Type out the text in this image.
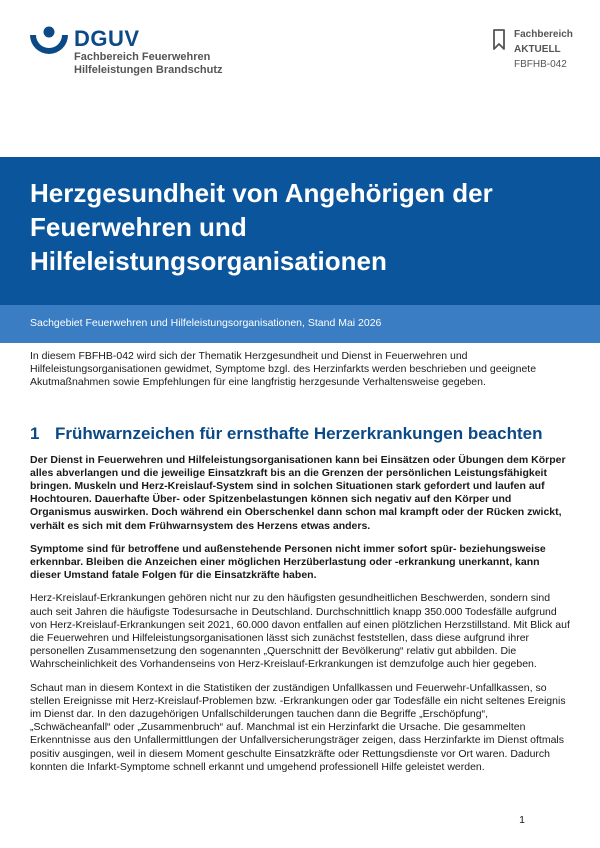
DGUV
Fachbereich Feuerwehren
Hilfeleistungen Brandschutz
Fachbereich
AKTUELL
FBFHB-042
Herzgesundheit von Angehörigen der Feuerwehren und Hilfeleistungsorganisationen
Sachgebiet Feuerwehren und Hilfeleistungsorganisationen, Stand Mai 2026

In diesem FBFHB-042 wird sich der Thematik Herzgesundheit und Dienst in Feuerwehren und Hilfeleistungsorganisationen gewidmet, Symptome bzgl. des Herzinfarkts werden beschrieben und geeignete Akutmaßnahmen sowie Empfehlungen für eine langfristig herzgesunde Verhaltensweise gegeben.

1 Frühwarnzeichen für ernsthafte Herzerkrankungen beachten

Der Dienst in Feuerwehren und Hilfeleistungsorganisationen kann bei Einsätzen oder Übungen dem Körper alles abverlangen und die jeweilige Einsatzkraft bis an die Grenzen der persönlichen Leistungsfähigkeit bringen. Muskeln und Herz-Kreislauf-System sind in solchen Situationen stark gefordert und laufen auf Hochtouren. Dauerhafte Über- oder Spitzenbelastungen können sich negativ auf den Körper und Organismus auswirken. Doch während ein Oberschenkel dann schon mal krampft oder der Rücken zwickt, verhält es sich mit dem Frühwarnsystem des Herzens etwas anders.

Symptome sind für betroffene und außenstehende Personen nicht immer sofort spür- beziehungsweise erkennbar. Bleiben die Anzeichen einer möglichen Herzüberlastung oder -erkrankung unerkannt, kann dieser Umstand fatale Folgen für die Einsatzkräfte haben.

Herz-Kreislauf-Erkrankungen gehören nicht nur zu den häufigsten gesundheitlichen Beschwerden, sondern sind auch seit Jahren die häufigste Todesursache in Deutschland. Durchschnittlich knapp 350.000 Todesfälle aufgrund von Herz-Kreislauf-Erkrankungen seit 2021, 60.000 davon entfallen auf einen plötzlichen Herzstillstand. Mit Blick auf die Feuerwehren und Hilfeleistungsorganisationen lässt sich zunächst feststellen, dass diese aufgrund ihrer personellen Zusammensetzung den sogenannten „Querschnitt der Bevölkerung“ relativ gut abbilden. Die Wahrscheinlichkeit des Vorhandenseins von Herz-Kreislauf-Erkrankungen ist demzufolge auch hier gegeben.

Schaut man in diesem Kontext in die Statistiken der zuständigen Unfallkassen und Feuerwehr-Unfallkassen, so stellen Ereignisse mit Herz-Kreislauf-Problemen bzw. -Erkrankungen oder gar Todesfälle ein nicht seltenes Ereignis im Dienst dar. In den dazugehörigen Unfallschilderungen tauchen dann die Begriffe „Erschöpfung“, „Schwächeanfall“ oder „Zusammenbruch“ auf. Manchmal ist ein Herzinfarkt die Ursache. Die gesammelten Erkenntnisse aus den Unfallermittlungen der Unfallversicherungsträger zeigen, dass Herzinfarkte im Dienst oftmals positiv ausgingen, weil in diesem Moment geschulte Einsatzkräfte oder Rettungsdienste vor Ort waren. Dadurch konnten die Infarkt-Symptome schnell erkannt und umgehend professionell Hilfe geleistet werden.

1
